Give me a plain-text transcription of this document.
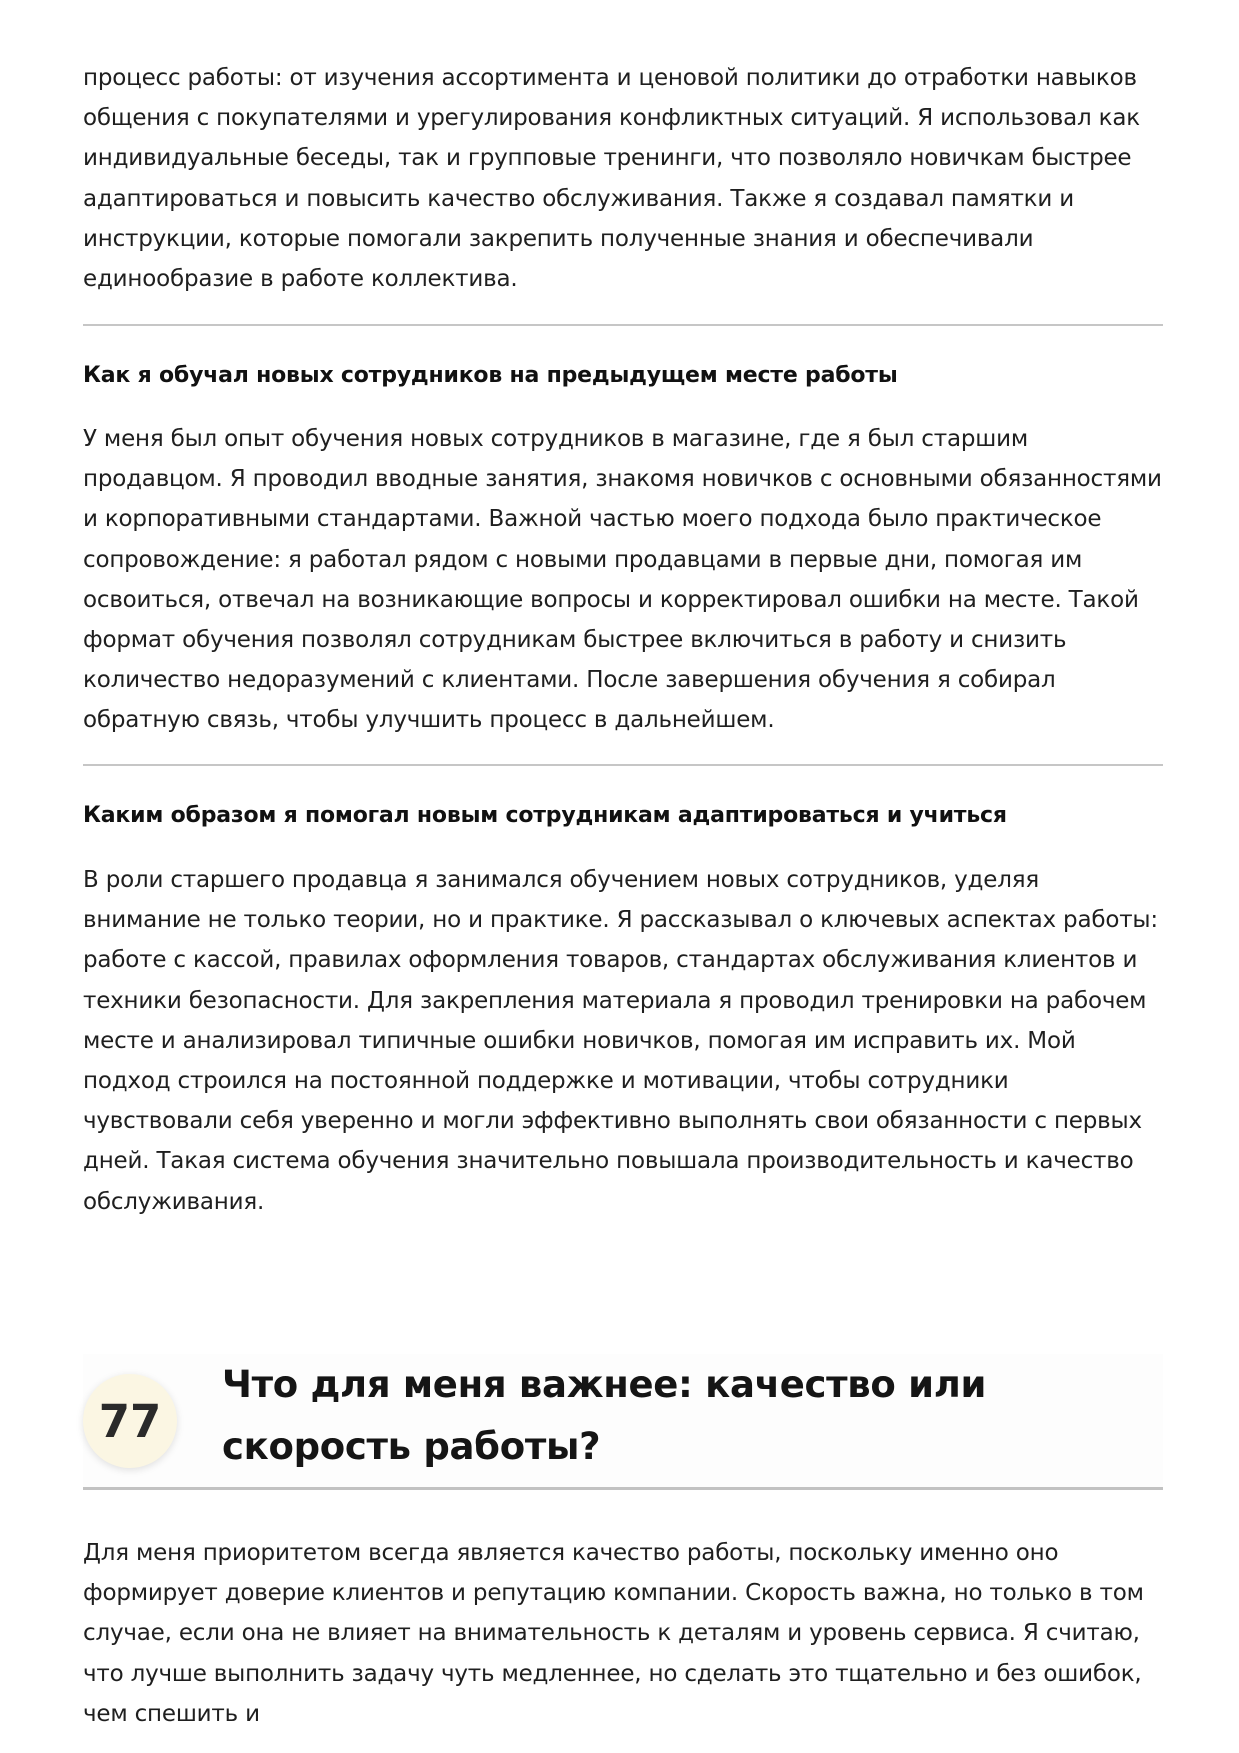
процесс работы: от изучения ассортимента и ценовой политики до отработки навыков общения с покупателями и урегулирования конфликтных ситуаций. Я использовал как индивидуальные беседы, так и групповые тренинги, что позволяло новичкам быстрее адаптироваться и повысить качество обслуживания. Также я создавал памятки и инструкции, которые помогали закрепить полученные знания и обеспечивали единообразие в работе коллектива.

Как я обучал новых сотрудников на предыдущем месте работы

У меня был опыт обучения новых сотрудников в магазине, где я был старшим продавцом. Я проводил вводные занятия, знакомя новичков с основными обязанностями и корпоративными стандартами. Важной частью моего подхода было практическое сопровождение: я работал рядом с новыми продавцами в первые дни, помогая им освоиться, отвечал на возникающие вопросы и корректировал ошибки на месте. Такой формат обучения позволял сотрудникам быстрее включиться в работу и снизить количество недоразумений с клиентами. После завершения обучения я собирал обратную связь, чтобы улучшить процесс в дальнейшем.

Каким образом я помогал новым сотрудникам адаптироваться и учиться

В роли старшего продавца я занимался обучением новых сотрудников, уделяя внимание не только теории, но и практике. Я рассказывал о ключевых аспектах работы: работе с кассой, правилах оформления товаров, стандартах обслуживания клиентов и техники безопасности. Для закрепления материала я проводил тренировки на рабочем месте и анализировал типичные ошибки новичков, помогая им исправить их. Мой подход строился на постоянной поддержке и мотивации, чтобы сотрудники чувствовали себя уверенно и могли эффективно выполнять свои обязанности с первых дней. Такая система обучения значительно повышала производительность и качество обслуживания.

77
Что для меня важнее: качество или скорость работы?

Для меня приоритетом всегда является качество работы, поскольку именно оно формирует доверие клиентов и репутацию компании. Скорость важна, но только в том случае, если она не влияет на внимательность к деталям и уровень сервиса. Я считаю, что лучше выполнить задачу чуть медленнее, но сделать это тщательно и без ошибок, чем спешить и
